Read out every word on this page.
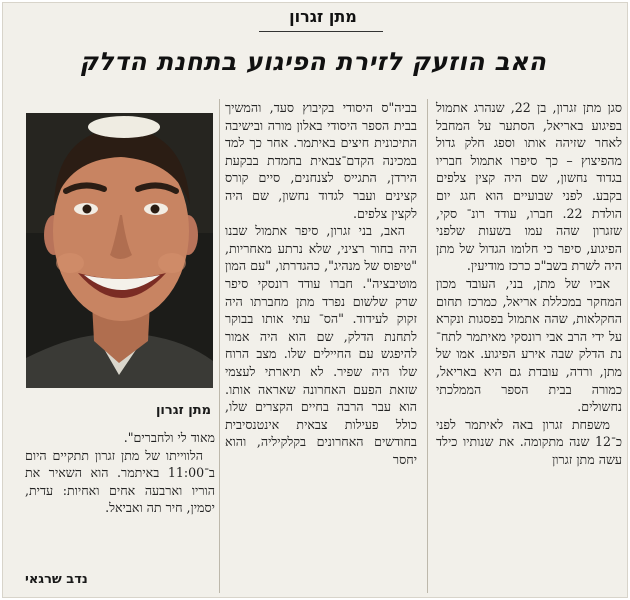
מתן זגרון
האב הוזעק לזירת הפיגוע בתחנת הדלק

סגן מתן זגרון, בן 22, שנהרג אתמול בפיגוע באריאל, הסתער על המחבל לאחר שזיהה אותו וספג חלק גדול מהפיצוץ – כך סיפרו אתמול חבריו בגדוד נחשון, שם היה קצין צלפים בקבע. לפני שבועיים הוא חגג יום הולדת 22. חברו, עודד רונ־ סקי, שזגרון שהה עמו בשעות שלפני הפיגוע, סיפר כי חלומו הגדול של מתן היה לשרת בשב"כ כרכז מודיעין.

אביו של מתן, בני, העובד מכון המחקר במכללת אריאל, כמרכז תחום החקלאות, שהה אתמול בפסגות ונקרא על ידי הרב אבי רונסקי מאיתמר לתח־ נת הדלק שבה אירע הפיגוע. אמו של מתן, ורדה, עובדת גם היא באריאל, כמורה בבית הספר הממלכתי נחשולים.

משפחת זגרון באה לאיתמר לפני כ־12 שנה מתקומה. את שנותיו כילד עשה מתן זגרון

בביה"ס היסודי בקיבוץ סעד, והמשיך בבית הספר היסודי באלון מורה ובישיבה התיכונית חיצים באיתמר. אחר כך למד במכינה הקדם־צבאית בחמדת בבקעת הירדן, התגייס לצנחנים, סיים קורס קצינים ועבר לגדוד נחשון, שם היה לקצין צלפים.

האב, בני זגרון, סיפר אתמול שבנו היה בחור רציני, שלא נרתע מאחריות, "טיפוס של מנהיג", כהגדרתו, "עם המון מוטיבציה". חברו עודד רונסקי סיפר שרק שלשום נפרד מתן מחברתו היה זקוק לעידוד. "הס־ עתי אותו בבוקר לתחנת הדלק, שם הוא היה אמור להיפגש עם החיילים שלו. מצב הרוח שלו היה שפיר. לא תיארתי לעצמי שזאת הפעם האחרונה שאראה אותו. הוא עבר הרבה בחיים הקצרים שלו, כולל פעילות צבאית אינטנסיבית בחודשים האחרונים בקלקיליה, והוא יחסר

מתן זגרון

מאוד לי ולחברים".

הלווייתו של מתן זגרון תתקיים היום ב־11:00 באיתמר. הוא השאיר את הוריו וארבעה אחים ואחיות: עדית, יסמין, חיר תה ואביאל.

נדב שרגאי
